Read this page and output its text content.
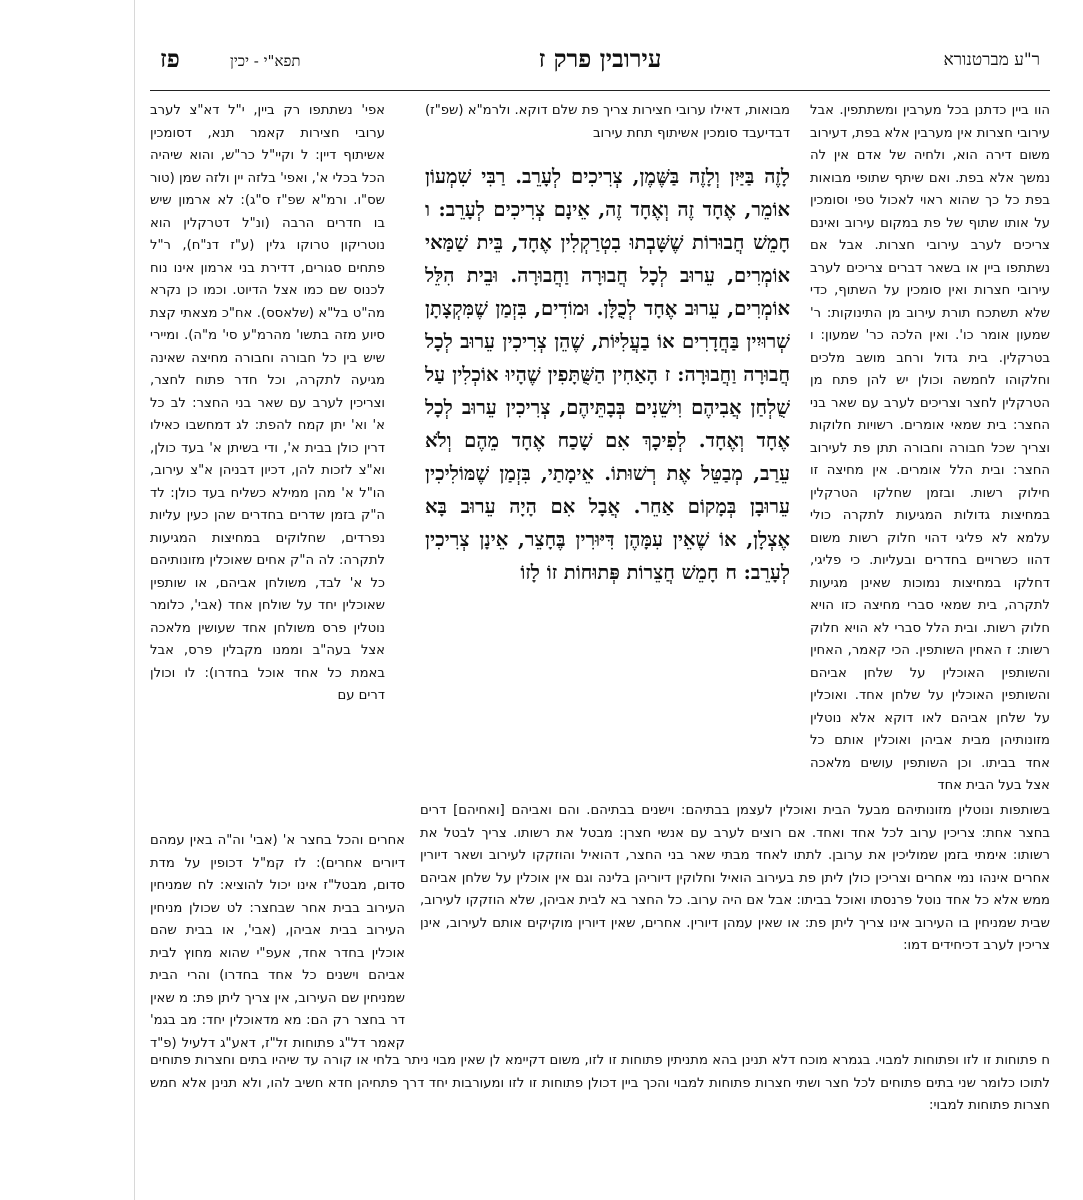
ר"ע מברטנורא
עירובין פרק ז
תפא"י - יכין
פז

הוו ביין כדתנן בכל מערבין ומשתתפין. אבל עירובי חצרות אין מערבין אלא בפת, דעירוב משום דירה הוא, ולחיה של אדם אין לה נמשך אלא בפת. ואם שיתף שתופי מבואות בפת כל כך שהוא ראוי לאכול טפי וסומכין על אותו שתוף של פת במקום עירוב ואינם צריכים לערב עירובי חצרות. אבל אם נשתתפו ביין או בשאר דברים צריכים לערב עירובי חצרות ואין סומכין על השתוף, כדי שלא תשתכח תורת עירוב מן התינוקות: ר' שמעון אומר כו'. ואין הלכה כר' שמעון: ו בטרקלין. בית גדול ורחב מושב מלכים וחלקוהו לחמשה וכולן יש להן פתח מן הטרקלין לחצר וצריכים לערב עם שאר בני החצר: בית שמאי אומרים. רשויות חלוקות וצריך שכל חבורה וחבורה תתן פת לעירוב החצר: ובית הלל אומרים. אין מחיצה זו חילוק רשות. ובזמן שחלקו הטרקלין במחיצות גדולות המגיעות לתקרה כולי עלמא לא פליגי דהוי חלוק רשות משום דהוו כשרויים בחדרים ובעליות. כי פליגי, דחלקו במחיצות נמוכות שאינן מגיעות לתקרה, בית שמאי סברי מחיצה כזו הויא חלוק רשות. ובית הלל סברי לא הויא חלוק רשות: ז האחין השותפין. הכי קאמר, האחין והשותפין האוכלין על שלחן אביהם והשותפין האוכלין על שלחן אחד. ואוכלין על שלחן אביהם לאו דוקא אלא נוטלין מזונותיהן מבית אביהן ואוכלין אותם כל אחד בביתו. וכן השותפין עושים מלאכה אצל בעל הבית אחד

מבואות, דאילו ערובי חצירות צריך פת שלם דוקא. ולרמ"א (שפ"ז) דבדיעבד סומכין אשיתוף תחת עירוב

לָזֶה בַּיַּיִן וְלָזֶה בַּשֶּׁמֶן, צְרִיכִים לְעָרֵב. רַבִּי שִׁמְעוֹן אוֹמֵר, אֶחָד זֶה וְאֶחָד זֶה, אֵינָם צְרִיכִים לְעָרֵב: ו חָמֵשׁ חֲבוּרוֹת שֶׁשָּׁבְתוּ בִטְרַקְלִין אֶחָד, בֵּית שַׁמַּאי אוֹמְרִים, עֵרוּב לְכָל חֲבוּרָה וַחֲבוּרָה. וּבֵית הִלֵּל אוֹמְרִים, עֵרוּב אֶחָד לְכֻלָּן. וּמוֹדִים, בִּזְמַן שֶׁמִּקְצָתָן שְׁרוּיִין בַּחֲדָרִים אוֹ בַעֲלִיּוֹת, שֶׁהֵן צְרִיכִין עֵרוּב לְכָל חֲבוּרָה וַחֲבוּרָה: ז הָאַחִין הַשֻּׁתָּפִין שֶׁהָיוּ אוֹכְלִין עַל שֻׁלְחַן אֲבִיהֶם וִישֵׁנִים בְּבָתֵּיהֶם, צְרִיכִין עֵרוּב לְכָל אֶחָד וְאֶחָד. לְפִיכָךְ אִם שָׁכַח אֶחָד מֵהֶם וְלֹא עֵרַב, מְבַטֵּל אֶת רְשׁוּתוֹ. אֵימָתַי, בִּזְמַן שֶׁמּוֹלִיכִין עֵרוּבָן בְּמָקוֹם אַחֵר. אֲבָל אִם הָיָה עֵרוּב בָּא אֶצְלָן, אוֹ שֶׁאֵין עִמָּהֶן דִּיּוּרִין בֶּחָצֵר, אֵינָן צְרִיכִין לְעָרֵב: ח חָמֵשׁ חֲצֵרוֹת פְּתוּחוֹת זוֹ לָזוֹ

אפי' נשתתפו רק ביין, י"ל דא"צ לערב ערובי חצירות קאמר תנא, דסומכין אשיתוף דיין: ל וקיי"ל כר"ש, והוא שיהיה הכל בכלי א', ואפי' בלזה יין ולזה שמן (טור שס"ו. ורמ"א שפ"ז ס"ג): לא ארמון שיש בו חדרים הרבה (ונ"ל דטרקלין הוא נוטריקון טרוקו גלין (ע"ז דנ"ח), ר"ל פתחים סגורים, דדירת בני ארמון אינו נוח לכנוס שם כמו אצל הדיוט. וכמו כן נקרא מה"ט בל"א (שלאסס). אח"כ מצאתי קצת סיוע מזה בתשו' מהרמ"ע סי' מ"ה). ומיירי שיש בין כל חבורה וחבורה מחיצה שאינה מגיעה לתקרה, וכל חדר פתוח לחצר, וצריכין לערב עם שאר בני החצר: לב כל א' וא' יתן קמח להפת: לג דמחשבו כאילו דרין כולן בבית א', ודי בשיתן א' בעד כולן, וא"צ לזכות להן, דכיון דבניהן א"צ עירוב, הו"ל א' מהן ממילא כשליח בעד כולן: לד ה"ק בזמן שדרים בחדרים שהן כעין עליות נפרדים, שחלוקים במחיצות המגיעות לתקרה: לה ה"ק אחים שאוכלין מזונותיהם כל א' לבד, משולחן אביהם, או שותפין שאוכלין יחד על שולחן אחד (אבי', כלומר נוטלין פרס משולחן אחד שעושין מלאכה אצל בעה"ב וממנו מקבלין פרס, אבל באמת כל אחד אוכל בחדרו): לו וכולן דרים עם

בשותפות ונוטלין מזונותיהם מבעל הבית ואוכלין לעצמן בבתיהם: וישנים בבתיהם. והם ואביהם [ואחיהם] דרים בחצר אחת: צריכין ערוב לכל אחד ואחד. אם רוצים לערב עם אנשי חצרן: מבטל את רשותו. צריך לבטל את רשותו: אימתי בזמן שמוליכין את ערובן. לתתו לאחד מבתי שאר בני החצר, דהואיל והוזקקו לעירוב ושאר דיורין אחרים אינהו נמי אחרים וצריכין כולן ליתן פת בעירוב הואיל וחלוקין דיוריהן בלינה וגם אין אוכלין על שלחן אביהם ממש אלא כל אחד נוטל פרנסתו ואוכל בביתו: אבל אם היה ערוב. כל החצר בא לבית אביהן, שלא הוזקקו לעירוב, שבית שמניחין בו העירוב אינו צריך ליתן פת: או שאין עמהן דיורין. אחרים, שאין דיורין מוקיקים אותם לעירוב, אינן צריכין לערב דכיחידים דמו:

אחרים והכל בחצר א' (אבי' וה"ה באין עמהם דיורים אחרים): לז קמ"ל דכופין על מדת סדום, מבטל"ז אינו יכול להוציא: לח שמניחין העירוב בבית אחר שבחצר: לט שכולן מניחין העירוב בבית אביהן, (אבי', או בבית שהם אוכלין בחדר אחד, אעפ"י שהוא מחוץ לבית אביהם וישנים כל אחד בחדרו) והרי הבית שמניחין שם העירוב, אין צריך ליתן פת: מ שאין דר בחצר רק הם: מא מדאוכלין יחד: מב בגמ' קאמר דל"ג פתוחות זל"ז, דאע"ג דלעיל (פ"ד

ח פתוחות זו לזו ופתוחות למבוי. בגמרא מוכח דלא תנינן בהא מתניתין פתוחות זו לזו, משום דקיימא לן שאין מבוי ניתר בלחי או קורה עד שיהיו בתים וחצרות פתוחים לתוכו כלומר שני בתים פתוחים לכל חצר ושתי חצרות פתוחות למבוי והכך ביין דכולן פתוחות זו לזו ומעורבות יחד דרך פתחיהן חדא חשיב להו, ולא תנינן אלא חמש חצרות פתוחות למבוי:
